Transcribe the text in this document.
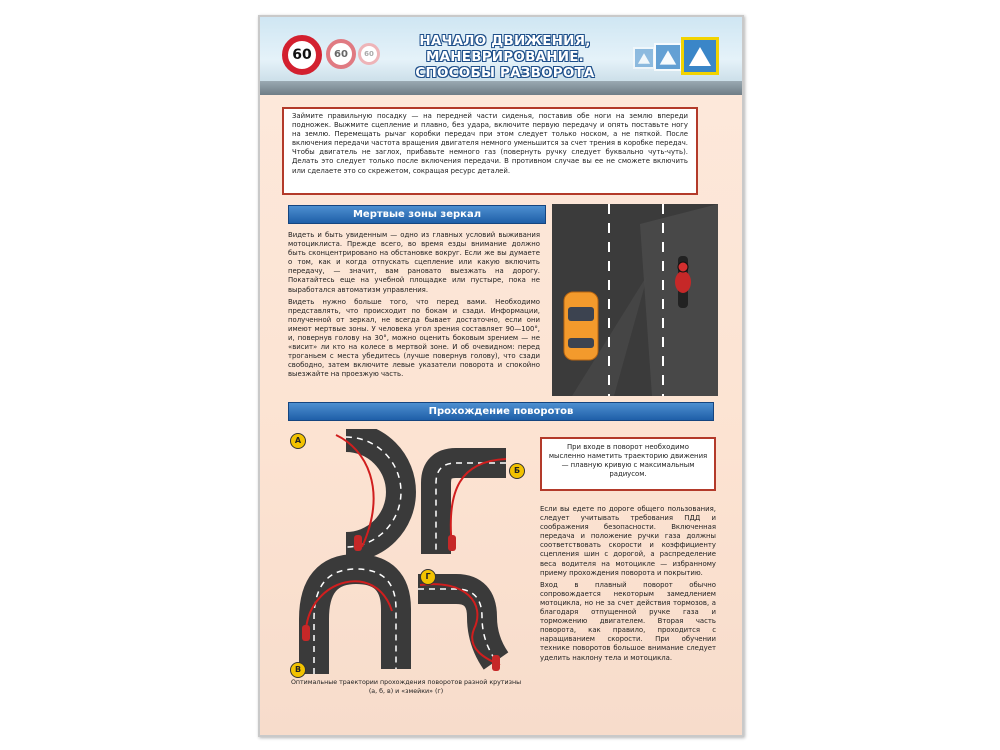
60	60	60
НАЧАЛО ДВИЖЕНИЯ,
МАНЕВРИРОВАНИЕ.
СПОСОБЫ РАЗВОРОТА

Займите правильную посадку — на передней части сиденья, поставив обе ноги на землю впереди подножек. Выжмите сцепление и плавно, без удара, включите первую передачу и опять поставьте ногу на землю. Перемещать рычаг коробки передач при этом следует только носком, а не пяткой. После включения передачи частота вращения двигателя немного уменьшится за счет трения в коробке передач. Чтобы двигатель не заглох, прибавьте немного газ (повернуть ручку следует буквально чуть-чуть). Делать это следует только после включения передачи. В противном случае вы ее не сможете включить или сделаете это со скрежетом, сокращая ресурс деталей.

Мертвые зоны зеркал

Видеть и быть увиденным — одно из главных условий выживания мотоциклиста. Прежде всего, во время езды внимание должно быть сконцентрировано на обстановке вокруг. Если же вы думаете о том, как и когда отпускать сцепление или какую включить передачу, — значит, вам рановато выезжать на дорогу. Покатайтесь еще на учебной площадке или пустыре, пока не выработался автоматизм управления.

Видеть нужно больше того, что перед вами. Необходимо представлять, что происходит по бокам и сзади. Информации, полученной от зеркал, не всегда бывает достаточно, если они имеют мертвые зоны. У человека угол зрения составляет 90—100°, и, повернув голову на 30°, можно оценить боковым зрением — не «висит» ли кто на колесе в мертвой зоне. И об очевидном: перед троганьем с места убедитесь (лучше повернув голову), что сзади свободно, затем включите левые указатели поворота и спокойно выезжайте на проезжую часть.

Прохождение поворотов
А
Б
В
Г
Оптимальные траектории прохождения поворотов разной крутизны (а, б, в) и «змейки» (г)

При входе в поворот необходимо мысленно наметить траекторию движения — плавную кривую с максимальным радиусом.

Если вы едете по дороге общего пользования, следует учитывать требования ПДД и соображения безопасности. Включенная передача и положение ручки газа должны соответствовать скорости и коэффициенту сцепления шин с дорогой, а распределение веса водителя на мотоцикле — избранному приему прохождения поворота и покрытию.

Вход в плавный поворот обычно сопровождается некоторым замедлением мотоцикла, но не за счет действия тормозов, а благодаря отпущенной ручке газа и торможению двигателем. Вторая часть поворота, как правило, проходится с наращиванием скорости. При обучении технике поворотов большое внимание следует уделить наклону тела и мотоцикла.
